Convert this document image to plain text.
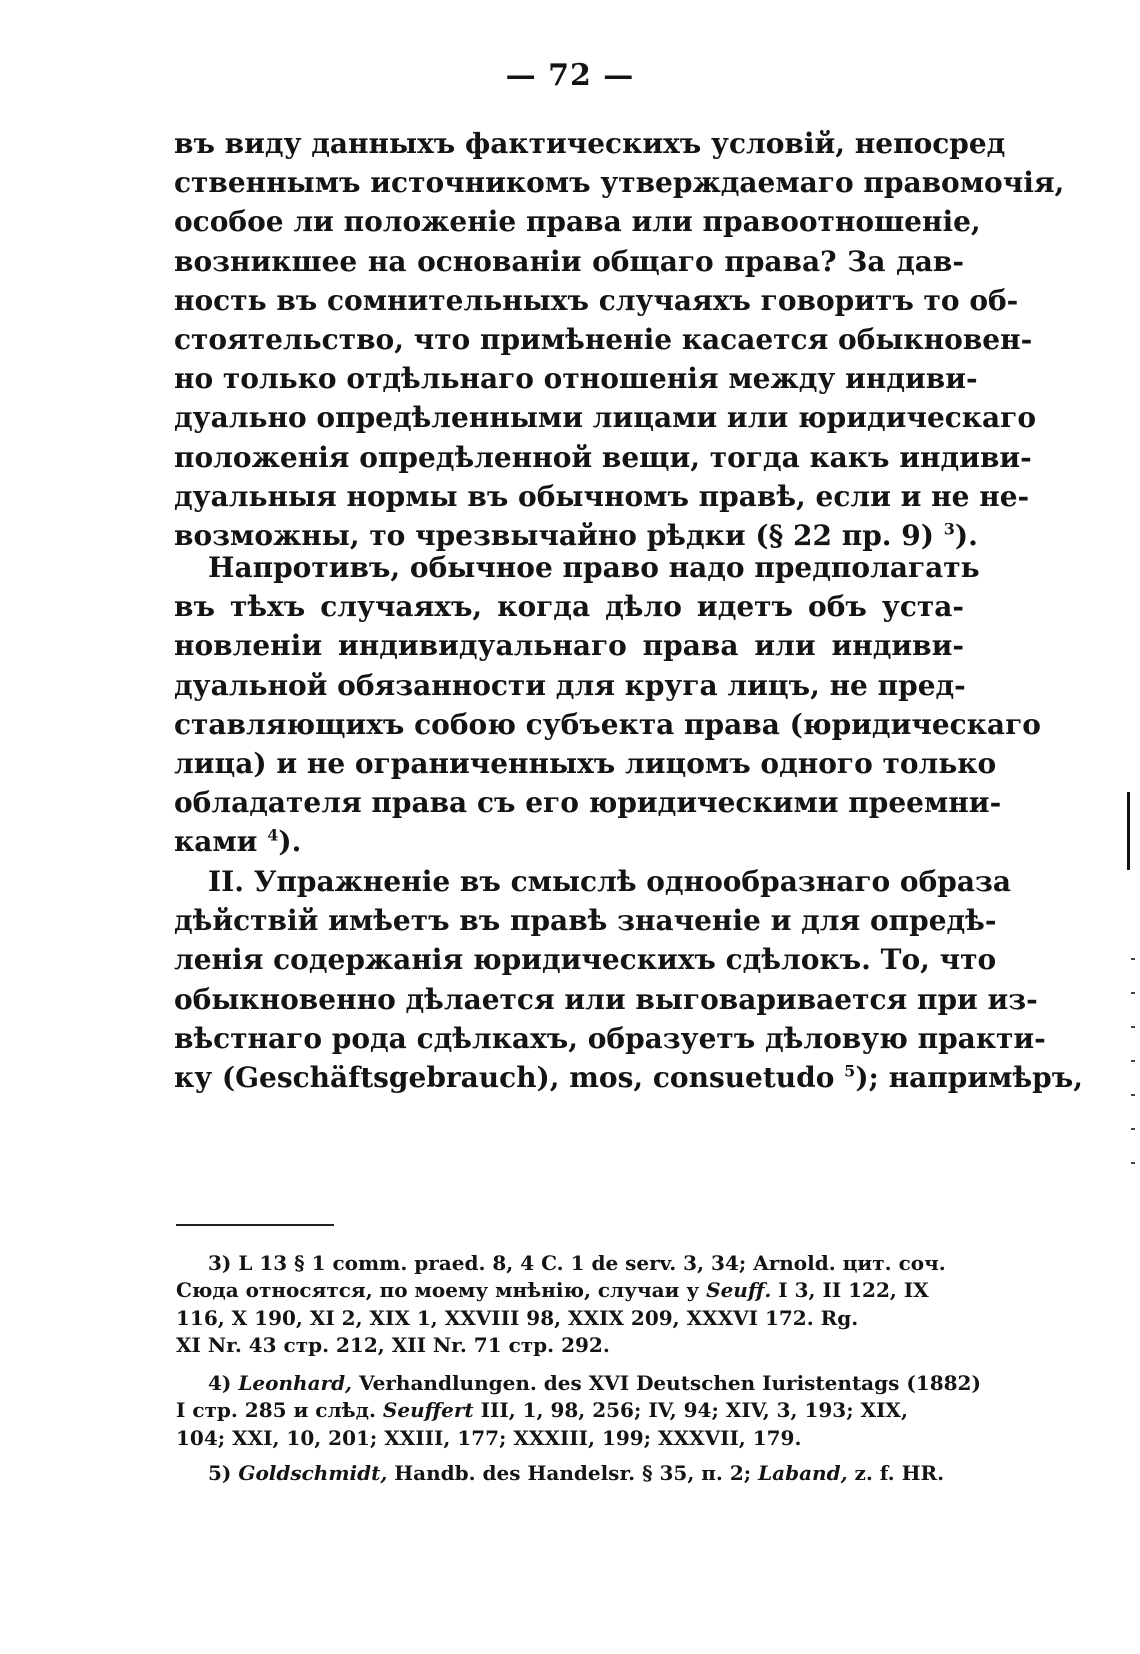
— 72 —
въ виду данныхъ фактическихъ условій, непосред
ственнымъ источникомъ утверждаемаго правомочія,
особое ли положеніе права или правоотношеніе,
возникшее на основаніи общаго права? За дав-
ность въ сомнительныхъ случаяхъ говоритъ то об-
стоятельство, что примѣненіе касается обыкновен-
но только отдѣльнаго отношенія между индиви-
дуально опредѣленными лицами или юридическаго
положенія опредѣленной вещи, тогда какъ индиви-
дуальныя нормы въ обычномъ правѣ, если и не не-
возможны, то чрезвычайно рѣдки (§ 22 пр. 9) $^3$).
Напротивъ, обычное право надо предполагать
въ тѣхъ случаяхъ, когда дѣло идетъ объ уста-
новленіи индивидуальнаго права или индиви-
дуальной обязанности для круга лицъ, не пред-
ставляющихъ собою субъекта права (юридическаго
лица) и не ограниченныхъ лицомъ одного только
обладателя права съ его юридическими преемни-
ками $^4$).
II. Упражненіе въ смыслѣ однообразнаго образа
дѣйствій имѣетъ въ правѣ значеніе и для опредѣ-
ленія содержанія юридическихъ сдѣлокъ. То, что
обыкновенно дѣлается или выговаривается при из-
вѣстнаго рода сдѣлкахъ, образуетъ дѣловую практи-
ку (Geschäftsgebrauch), mos, consuetudo $^5$); напримѣръ,
3) L 13 § 1 comm. praed. 8, 4 C. 1 de serv. 3, 34; Arnold. цит. соч.
Сюда относятся, по моему мнѣнію, случаи у Seuff. I 3, II 122, IX
116, X 190, XI 2, XIX 1, XXVIII 98, XXIX 209, XXXVI 172. Rg.
XI Nr. 43 стр. 212, XII Nr. 71 стр. 292.
4) Leonhard, Verhandlungen. des XVI Deutschen Iuristentags (1882)
I стр. 285 и слѣд. Seuffert III, 1, 98, 256; IV, 94; XIV, 3, 193; XIX,
104; XXI, 10, 201; XXIII, 177; XXXIII, 199; XXXVII, 179.
5) Goldschmidt, Handb. des Handelsr. § 35, п. 2; Laband, z. f. HR.
